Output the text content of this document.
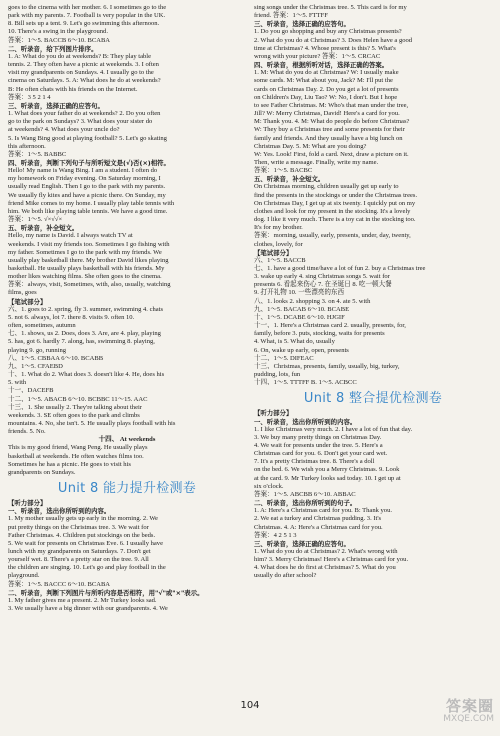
goes to the cinema with her mother. 6. I sometimes go to the

park with my parents. 7. Football is very popular in the UK.

8. Bill sets up a tent. 9. Let's go swimming this afternoon.

10. There's a swing in the playground.

答案：1～5. BACCB 6～10. BCABA

二、听录音，给下列图片排序。

1. A: What do you do at weekends? B: They play table

tennis. 2. They often have a picnic at weekends. 3. I often

visit my grandparents on Sundays. 4. I usually go to the

cinema on Saturdays. 5. A: What does he do at weekends?

B: He often chats with his friends on the Internet.

答案：3 5 2 1 4

三、听录音，选择正确的应答句。

1. What does your father do at weekends? 2. Do you often

go to the park on Sundays? 3. What does your sister do

at weekends? 4. What does your uncle do?

5. Is Wang Bing good at playing football? 5. Let's go skating

this afternoon.

答案：1～5. BABBC

四、听录音，判断下列句子与所听短文是(√)否(×)相符。

Hello! My name is Wang Bing. I am a student. I often do

my homework on Friday evening. On Saturday morning, I

usually read English. Then I go to the park with my parents.

We usually fly kites and have a picnic there. On Sunday, my

friend Mike comes to my home. I usually play table tennis with

him. We both like playing table tennis. We have a good time.

答案：1～5. √×√√×

五、听录音，补全短文。

Hello, my name is David. I always watch TV at

weekends. I visit my friends too. Sometimes I go fishing with

my father. Sometimes I go to the park with my friends. We

usually play basketball there. My brother David likes playing

basketball. He usually plays basketball with his friends. My

mother likes watching films. She often goes to the cinema.

答案：always, visit, Sometimes, with, also, usually, watching

films, goes

【笔试部分】

六、1. goes to 2. spring, fly 3. summer, swimming 4. chats

5. not 6. always, lot 7. there 8. visits 9. often 10.

often, sometimes, autumn

七、1. shows, us 2. Does, does 3. Are, are 4. play, playing

5. has, got 6. hardly 7. along, has, swimming 8. playing,

playing 9. go, running

八、1～5. CBBAA 6～10. BCABB

九、1～5. CFAEBD

十、1. What do 2. What does 3. doesn't like 4. He, does his

5. with

十一、DACEFB

十二、1～5. ABACB 6～10. BCBBC 11～15. AAC

十三、1. She usually 2. They're talking about their

weekends. 3. SE often goes to the park and climbs

mountains. 4. No, she isn't. 5. He usually plays football with his

friends. 5. No.

十四、 At weekends

This is my good friend, Wang Peng. He usually plays

basketball at weekends. He often watches films too.

Sometimes he has a picnic. He goes to visit his

grandparents on Sundays.

Unit 8 能力提升检测卷

【听力部分】

一、听录音，选出你所听到的内容。

1. My mother usually gets up early in the morning. 2. We

put pretty things on the Christmas tree. 3. We wait for

Father Christmas. 4. Children put stockings on the beds.

5. We wait for presents on Christmas Eve. 6. I usually have

lunch with my grandparents on Saturdays. 7. Don't get

yourself wet. 8. There's a pretty star on the tree. 9. All

the children are singing. 10. Let's go and play football in the

playground.

答案：1～5. BACCC 6～10. BCABA

二、听录音，判断下列图片与所听内容是否相符，用"√"或"×"表示。

1. My father gives me a present. 2. Mr Turkey looks sad.

3. We usually have a big dinner with our grandparents. 4. We

sing songs under the Christmas tree. 5. This card is for my

friend. 答案：1～5. FTTFF

三、听录音，选择正确的应答句。

1. Do you go shopping and buy any Christmas presents?

2. What do you do at Christmas? 3. Does Helen have a good

time at Christmas? 4. Whose present is this? 5. What's

wrong with your picture? 答案：1～5. CRCAC

四、听录音，根据所听对话，选择正确的答案。

1. M: What do you do at Christmas? W: I usually make

some cards. M: What about you, Jack? M: I'll put the

cards on Christmas Day. 2. Do you get a lot of presents

on Children's Day, Liu Tao? W: No, I don't. But I hope

to see Father Christmas. M: Who's that man under the tree,

Jill? W: Merry Christmas, David! Here's a card for you.

M: Thank you. 4. M: What do people do before Christmas?

W: They buy a Christmas tree and some presents for their

family and friends. And they usually have a big lunch on

Christmas Day. 5. M: What are you doing?

W: Yes. Look! First, fold a card. Next, draw a picture on it.

Then, write a message. Finally, write my name.

答案：1～5. BACBC

五、听录音，补全短文。

On Christmas morning, children usually get up early to

find the presents in the stockings or under the Christmas trees.

On Christmas Day, I get up at six twenty. I quickly put on my

clothes and look for my present in the stocking. It's a lovely

dog. I like it very much. There is a toy cat in the stocking too.

It's for my brother.

答案：morning, usually, early, presents, under, day, twenty,

clothes, lovely, for

【笔试部分】

六、1～5. BACCB

七、1. have a good time/have a lot of fun 2. buy a Christmas tree

3. wake up early 4. sing Christmas songs 5. wait for

presents 6. 看起来伤心 7. 在圣诞日 8. 吃一顿大餐

9. 打开礼物 10. 一些漂亮的东西

八、1. looks 2. shopping 3. on 4. ate 5. with

九、1～5. BACAB 6～10. BCABE

十、1～5. DCABE 6～10. HJGIF

十一、1. Here's a Christmas card 2. usually, presents, for,

family, before 3. puts, stocking, waits for presents

4. What, is 5. What do, usually

6. On, wake up early, open, presents

十二、1～5. DIFEAC

十三、Christmas, presents, family, usually, big, turkey,

pudding, lots, fun

十四、1～5. TTTFF B. 1～5. ACBCC

Unit 8 整合提优检测卷

【听力部分】

一、听录音，选出你所听到的内容。

1. I like Christmas very much. 2. I have a lot of fun that day.

3. We buy many pretty things on Christmas Day.

4. We wait for presents under the tree. 5. Here's a

Christmas card for you. 6. Don't get your card wet.

7. It's a pretty Christmas tree. 8. There's a doll

on the bed. 6. We wish you a Merry Christmas. 9. Look

at the card. 9. Mr Turkey looks sad today. 10. I get up at

six o'clock.

答案：1～5. ABCBB 6～10. ABBAC

二、听录音，选出你所听到的句子。

1. A: Here's a Christmas card for you. B: Thank you.

2. We eat a turkey and Christmas pudding. 3. It's

Christmas. 4. A: Here's a Christmas card for you.

答案：4 2 5 1 3

三、听录音，选择正确的应答句。

1. What do you do at Christmas? 2. What's wrong with

him? 3. Merry Christmas! Here's a Christmas card for you.

4. What does he do first at Christmas? 5. What do you

usually do after school?

104	答案圈
MXQE.COM
